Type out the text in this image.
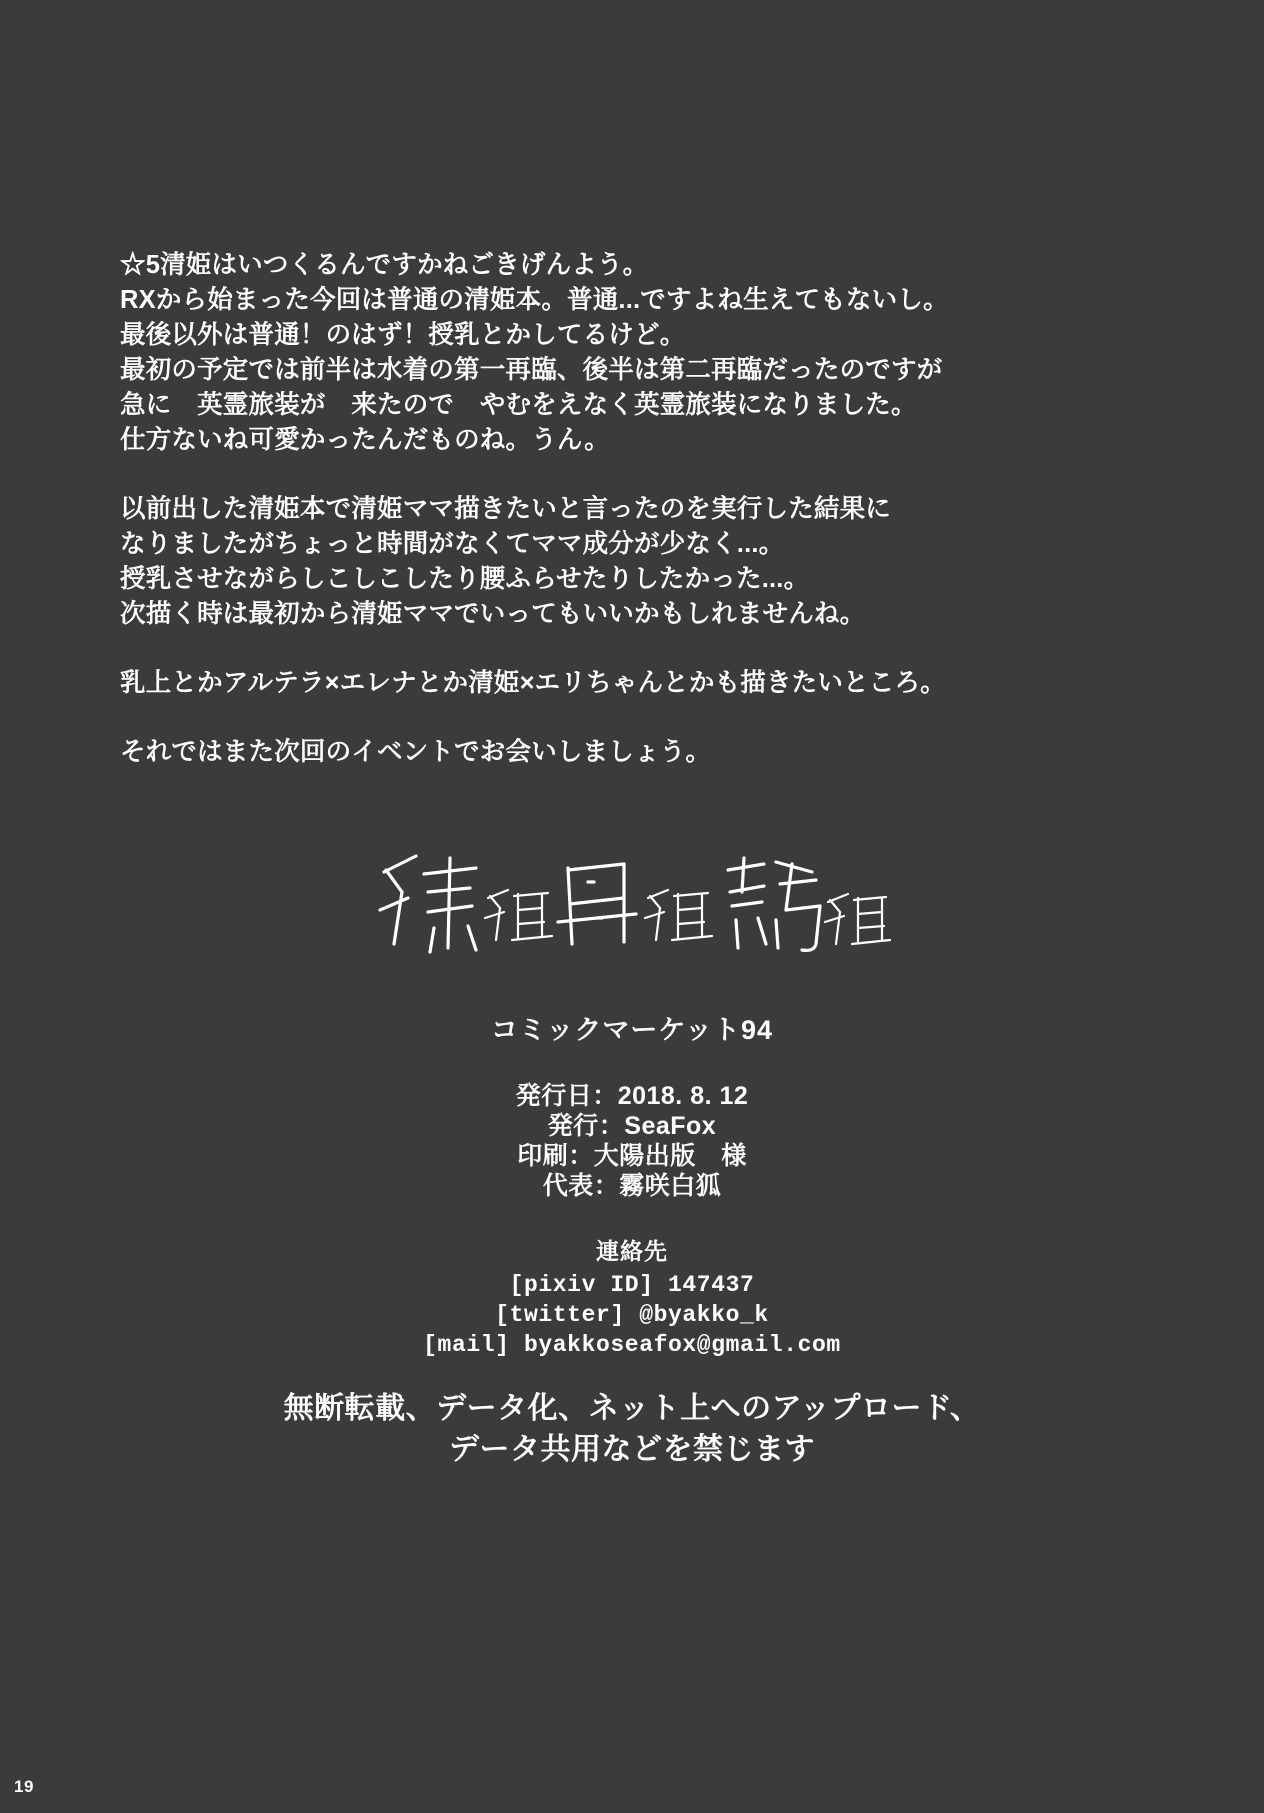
☆5清姫はいつくるんですかねごきげんよう。

RXから始まった今回は普通の清姫本。普通...ですよね生えてもないし。

最後以外は普通！のはず！授乳とかしてるけど。

最初の予定では前半は水着の第一再臨、後半は第二再臨だったのですが

急に　英霊旅装が　来たので　やむをえなく英霊旅装になりました。

仕方ないね可愛かったんだものね。うん。

以前出した清姫本で清姫ママ描きたいと言ったのを実行した結果に

なりましたがちょっと時間がなくてママ成分が少なく...。

授乳させながらしこしこしたり腰ふらせたりしたかった...。

次描く時は最初から清姫ママでいってもいいかもしれませんね。

乳上とかアルテラ×エレナとか清姫×エリちゃんとかも描きたいところ。

それではまた次回のイベントでお会いしましょう。

コミックマーケット94
発行日：2018. 8. 12
発行：SeaFox
印刷：大陽出版　様
代表：霧咲白狐
連絡先
[pixiv ID] 147437
[twitter] @byakko_k
[mail] byakkoseafox@gmail.com
無断転載、データ化、ネット上へのアップロード、
データ共用などを禁じます
19
